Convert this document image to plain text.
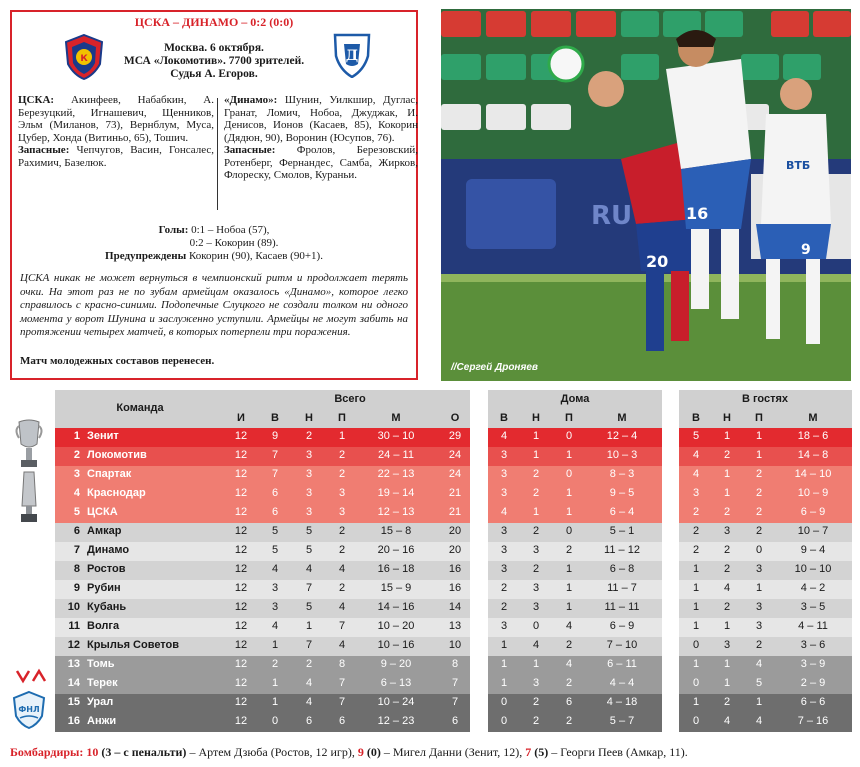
ЦСКА – ДИНАМО – 0:2 (0:0)
К	Д
Москва. 6 октября.
МСА «Локомотив». 7700 зрителей.
Судья А. Егоров.
ЦСКА: Акинфеев, Набабкин, А. Березуцкий, Игнашевич, Щенников, Эльм (Миланов, 73), Вернблум, Муса, Цубер, Хонда (Витиньо, 65), Тошич.
Запасные: Чепчугов, Васин, Гонсалес, Рахимич, Базелюк.
«Динамо»: Шунин, Уилкшир, Дуглас, Гранат, Ломич, Нобоа, Джуджак, И. Денисов, Ионов (Касаев, 85), Кокорин (Дядюн, 90), Воронин (Юсупов, 76).
Запасные: Фролов, Березовский, Ротенберг, Фернандес, Самба, Жирков, Флореску, Смолов, Кураньи.
Голы: 0:1 – Нобоа (57),
0:2 – Кокорин (89).
Предупреждены Кокорин (90), Касаев (90+1).
ЦСКА никак не может вернуться в чемпионский ритм и продолжает терять очки. На этот раз не по зубам армейцам оказалось «Динамо», которое легко справилось с красно-синими. Подопечные Слуцкого не создали толком ни одного момента у ворот Шунина и заслуженно уступили. Армейцы не могут забить на протяжении четырех матчей, в которых потерпели три поражения.
Матч молодежных составов перенесен.
RU
20
16
9
ВТБ
//Сергей Дроняев
ФНЛ
Команда
Всего	Дома	В гостях
И	В	Н	П	М	О	В	Н	П	М	В	Н	П	М
1 Зенит	12	9	2	1	30 – 10	29	4	1	0	12 – 4	5	1	1	18 – 6
2 Локомотив	12	7	3	2	24 – 11	24	3	1	1	10 – 3	4	2	1	14 – 8
3 Спартак	12	7	3	2	22 – 13	24	3	2	0	8 – 3	4	1	2	14 – 10
4 Краснодар	12	6	3	3	19 – 14	21	3	2	1	9 – 5	3	1	2	10 – 9
5 ЦСКА	12	6	3	3	12 – 13	21	4	1	1	6 – 4	2	2	2	6 – 9
6 Амкар	12	5	5	2	15 – 8	20	3	2	0	5 – 1	2	3	2	10 – 7
7 Динамо	12	5	5	2	20 – 16	20	3	3	2	11 – 12	2	2	0	9 – 4
8 Ростов	12	4	4	4	16 – 18	16	3	2	1	6 – 8	1	2	3	10 – 10
9 Рубин	12	3	7	2	15 – 9	16	2	3	1	11 – 7	1	4	1	4 – 2
10 Кубань	12	3	5	4	14 – 16	14	2	3	1	11 – 11	1	2	3	3 – 5
11 Волга	12	4	1	7	10 – 20	13	3	0	4	6 – 9	1	1	3	4 – 11
12 Крылья Советов	12	1	7	4	10 – 16	10	1	4	2	7 – 10	0	3	2	3 – 6
13 Томь	12	2	2	8	9 – 20	8	1	1	4	6 – 11	1	1	4	3 – 9
14 Терек	12	1	4	7	6 – 13	7	1	3	2	4 – 4	0	1	5	2 – 9
15 Урал	12	1	4	7	10 – 24	7	0	2	6	4 – 18	1	2	1	6 – 6
16 Анжи	12	0	6	6	12 – 23	6	0	2	2	5 – 7	0	4	4	7 – 16
Бомбардиры: 10 (3 – с пенальти) – Артем Дзюба (Ростов, 12 игр), 9 (0) – Мигел Данни (Зенит, 12), 7 (5) – Георги Пеев (Амкар, 11).
